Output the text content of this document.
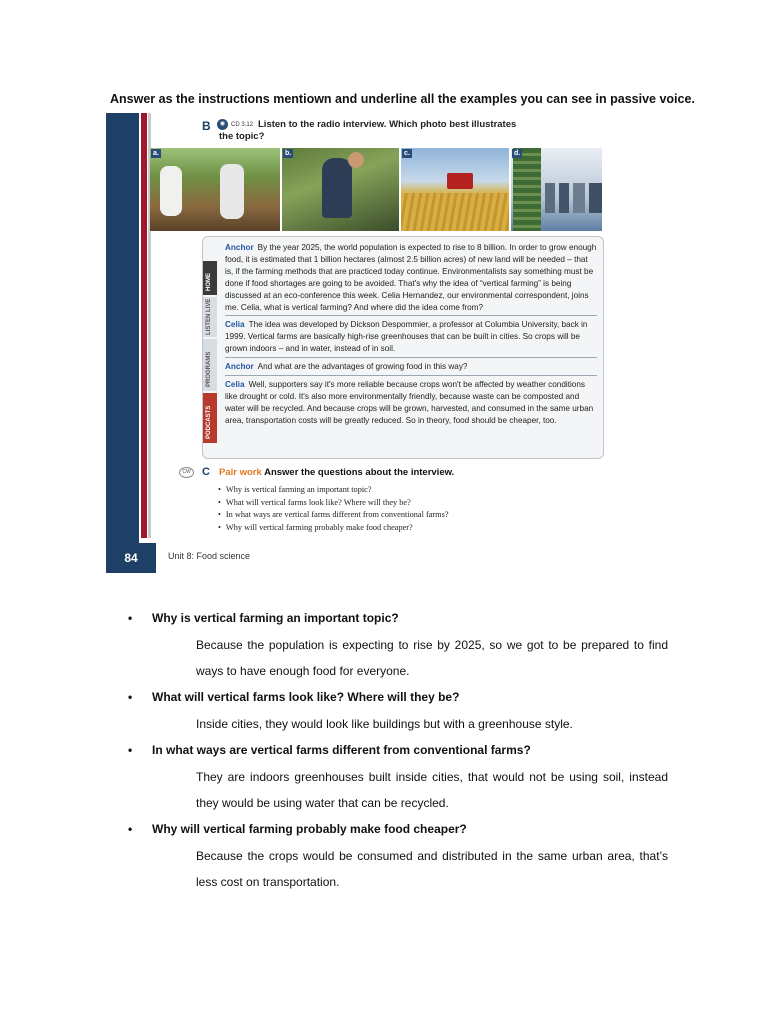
Answer as the instructions mentiown and underline all the examples you can see in passive voice.
B	◉ CD 3.12 Listen to the radio interview. Which photo best illustrates
the topic?
a.	b.	c.	d.
HOME
LISTEN LIVE
PROGRAMS
PODCASTS

Anchor By the year 2025, the world population is expected to rise to 8 billion. In order to grow enough food, it is estimated that 1 billion hectares (almost 2.5 billion acres) of new land will be needed – that is, if the farming methods that are practiced today continue. Environmentalists say something must be done if food shortages are going to be avoided. That's why the idea of “vertical farming” is being discussed at an eco-conference this week. Celia Hernandez, our environmental correspondent, joins me. Celia, what is vertical farming? And where did the idea come from?

Celia The idea was developed by Dickson Despommier, a professor at Columbia University, back in 1999. Vertical farms are basically high-rise greenhouses that can be built in cities. So crops will be grown indoors – and in water, instead of in soil.

Anchor And what are the advantages of growing food in this way?

Celia Well, supporters say it's more reliable because crops won't be affected by weather conditions like drought or cold. It's also more environmentally friendly, because waste can be composted and water will be recycled. And because crops will be grown, harvested, and consumed in the same urban area, transportation costs will be greatly reduced. So in theory, food should be cheaper, too.

CW	C Pair work Answer the questions about the interview.
• Why is vertical farming an important topic?
• What will vertical farms look like? Where will they be?
• In what ways are vertical farms different from conventional farms?
• Why will vertical farming probably make food cheaper?
84	Unit 8: Food science
• Why is vertical farming an important topic?
Because the population is expecting to rise by 2025, so we got to be prepared to find ways to have enough food for everyone.
• What will vertical farms look like? Where will they be?
Inside cities, they would look like buildings but with a greenhouse style.
• In what ways are vertical farms different from conventional farms?
They are indoors greenhouses built inside cities, that would not be using soil, instead they would be using water that can be recycled.
• Why will vertical farming probably make food cheaper?
Because the crops would be consumed and distributed in the same urban area, that’s less cost on transportation.
